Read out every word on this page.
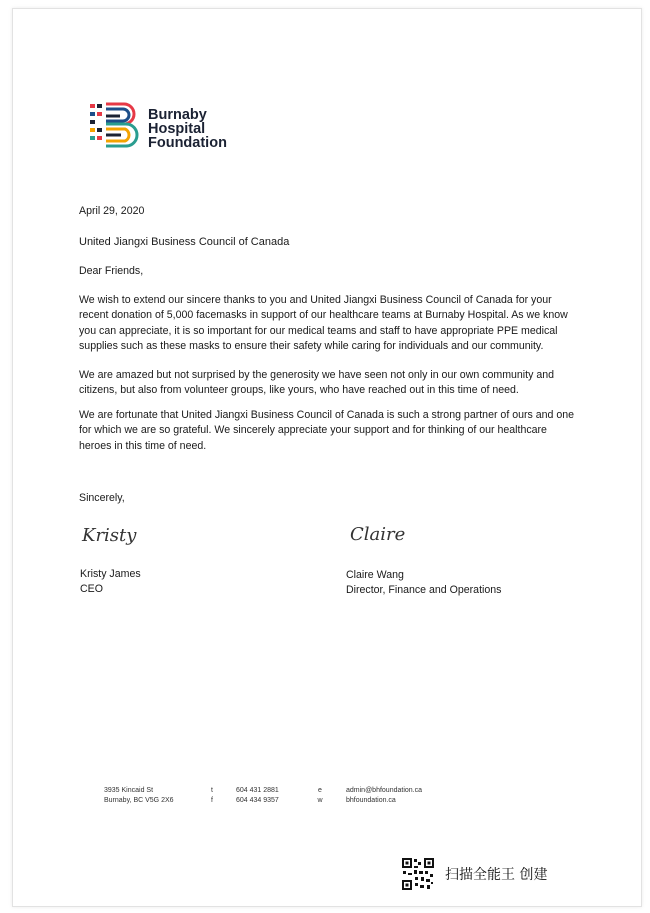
Burnaby
Hospital
Foundation
April 29, 2020
United Jiangxi Business Council of Canada
Dear Friends,
We wish to extend our sincere thanks to you and United Jiangxi Business Council of Canada for your recent donation of 5,000 facemasks in support of our healthcare teams at Burnaby Hospital. As we know you can appreciate, it is so important for our medical teams and staff to have appropriate PPE medical supplies such as these masks to ensure their safety while caring for individuals and our community.
We are amazed but not surprised by the generosity we have seen not only in our own community and citizens, but also from volunteer groups, like yours, who have reached out in this time of need.
We are fortunate that United Jiangxi Business Council of Canada is such a strong partner of ours and one for which we are so grateful. We sincerely appreciate your support and for thinking of our healthcare heroes in this time of need.
Sincerely,
Kristy	Claire
Kristy James
CEO
Claire Wang
Director, Finance and Operations
3935 Kincaid St
Burnaby, BC V5G 2X6
t
f
604 431 2881
604 434 9357
e
w
admin@bhfoundation.ca
bhfoundation.ca
扫描全能王 创建
